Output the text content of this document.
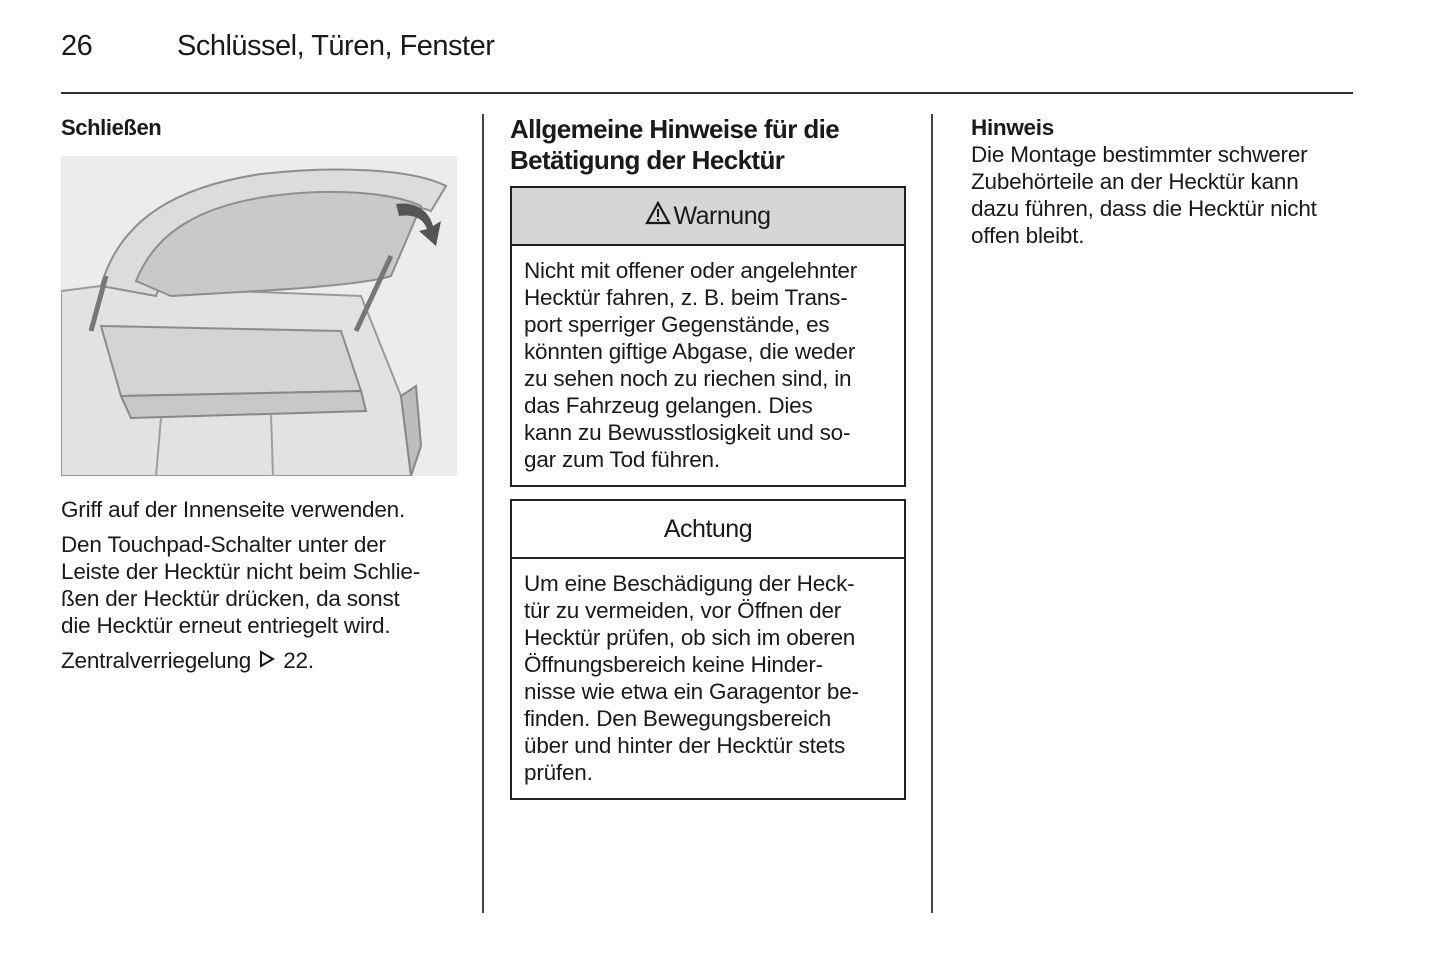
26	Schlüssel, Türen, Fenster

Schließen

Griff auf der Innenseite verwenden.

Den Touchpad-Schalter unter der
Leiste der Hecktür nicht beim Schlie-
ßen der Hecktür drücken, da sonst
die Hecktür erneut entriegelt wird.

Zentralverriegelung 22.

Allgemeine Hinweise für die
Betätigung der Hecktür
Warnung
Nicht mit offener oder angelehnter
Hecktür fahren, z. B. beim Trans-
port sperriger Gegenstände, es
könnten giftige Abgase, die weder
zu sehen noch zu riechen sind, in
das Fahrzeug gelangen. Dies
kann zu Bewusstlosigkeit und so-
gar zum Tod führen.
Achtung
Um eine Beschädigung der Heck-
tür zu vermeiden, vor Öffnen der
Hecktür prüfen, ob sich im oberen
Öffnungsbereich keine Hinder-
nisse wie etwa ein Garagentor be-
finden. Den Bewegungsbereich
über und hinter der Hecktür stets
prüfen.

Hinweis

Die Montage bestimmter schwerer
Zubehörteile an der Hecktür kann
dazu führen, dass die Hecktür nicht
offen bleibt.
